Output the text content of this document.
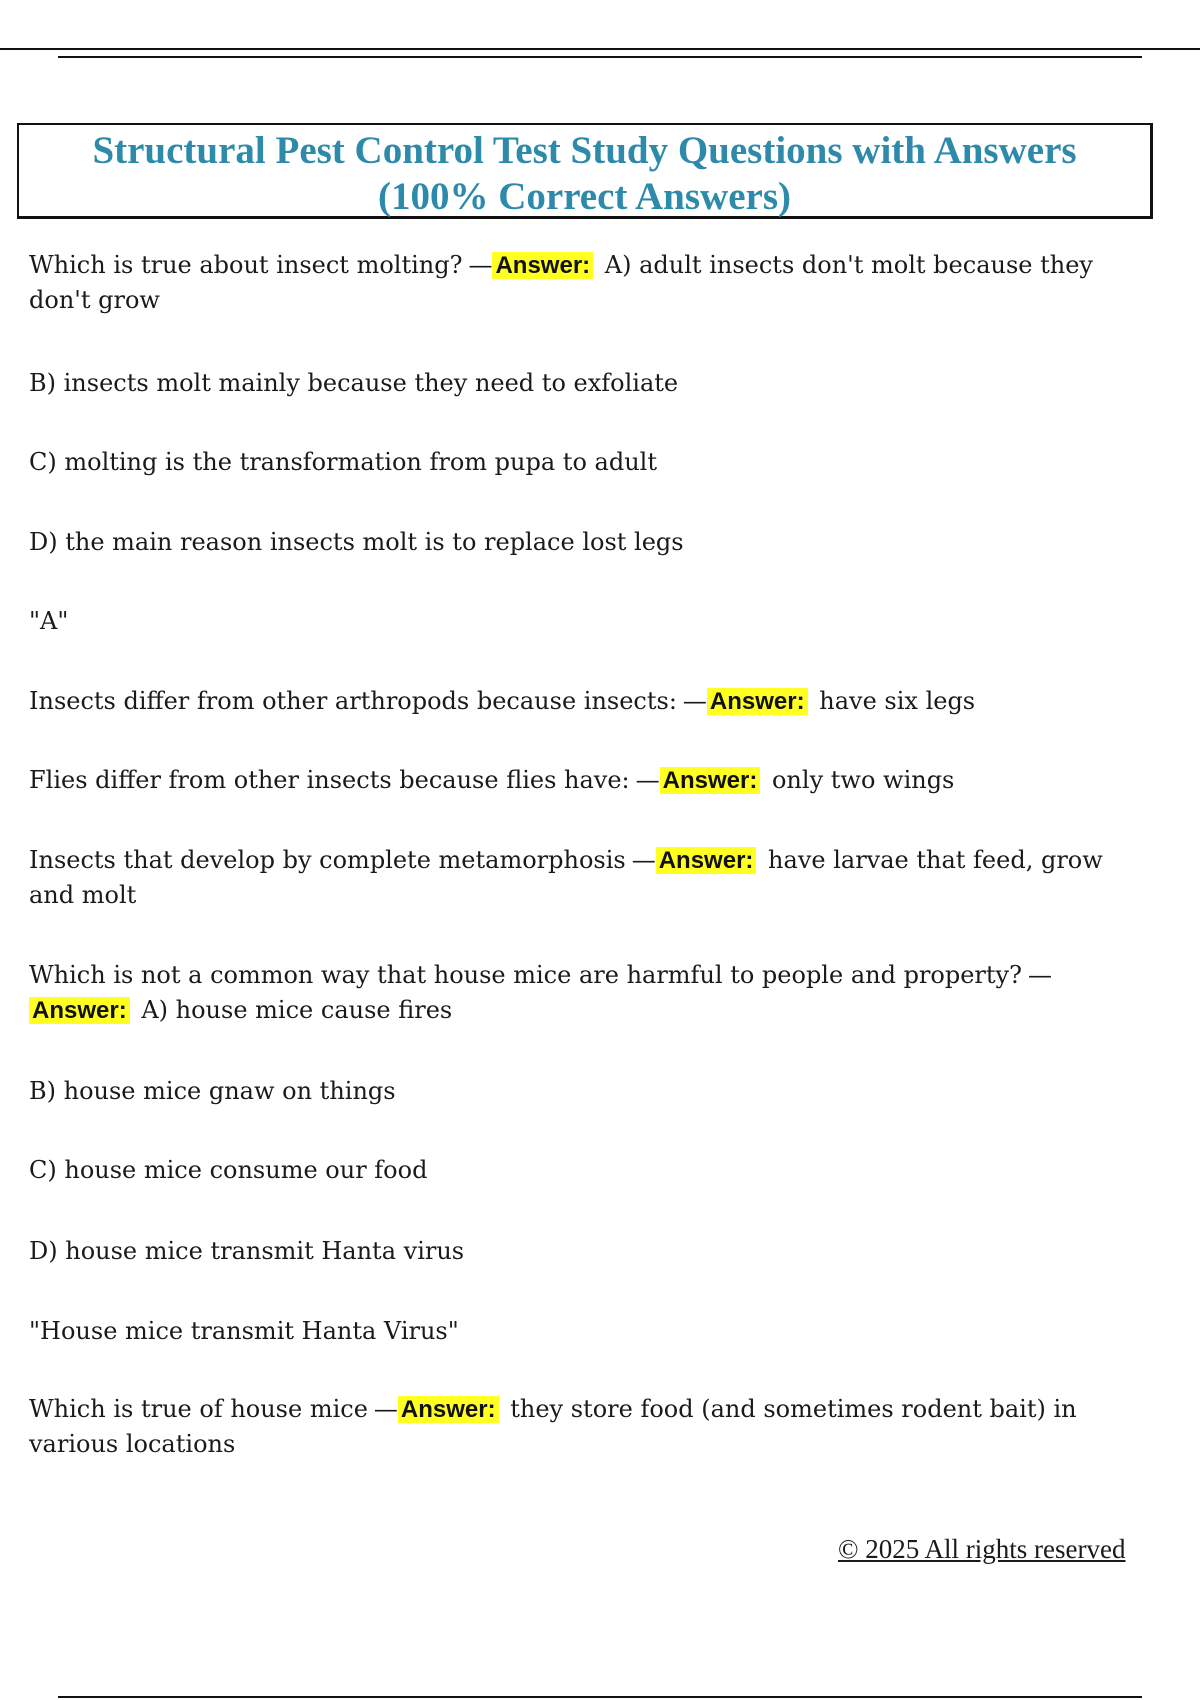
Structural Pest Control Test Study Questions with Answers
(100% Correct Answers)

Which is true about insect molting? — Answer: A) adult insects don't molt because they don't grow

B) insects molt mainly because they need to exfoliate

C) molting is the transformation from pupa to adult

D) the main reason insects molt is to replace lost legs

"A"

Insects differ from other arthropods because insects: — Answer: have six legs

Flies differ from other insects because flies have: — Answer: only two wings

Insects that develop by complete metamorphosis — Answer: have larvae that feed, grow and molt

Which is not a common way that house mice are harmful to people and property? —Answer: A) house mice cause fires

B) house mice gnaw on things

C) house mice consume our food

D) house mice transmit Hanta virus

"House mice transmit Hanta Virus"

Which is true of house mice — Answer: they store food (and sometimes rodent bait) in various locations

© 2025 All rights reserved
